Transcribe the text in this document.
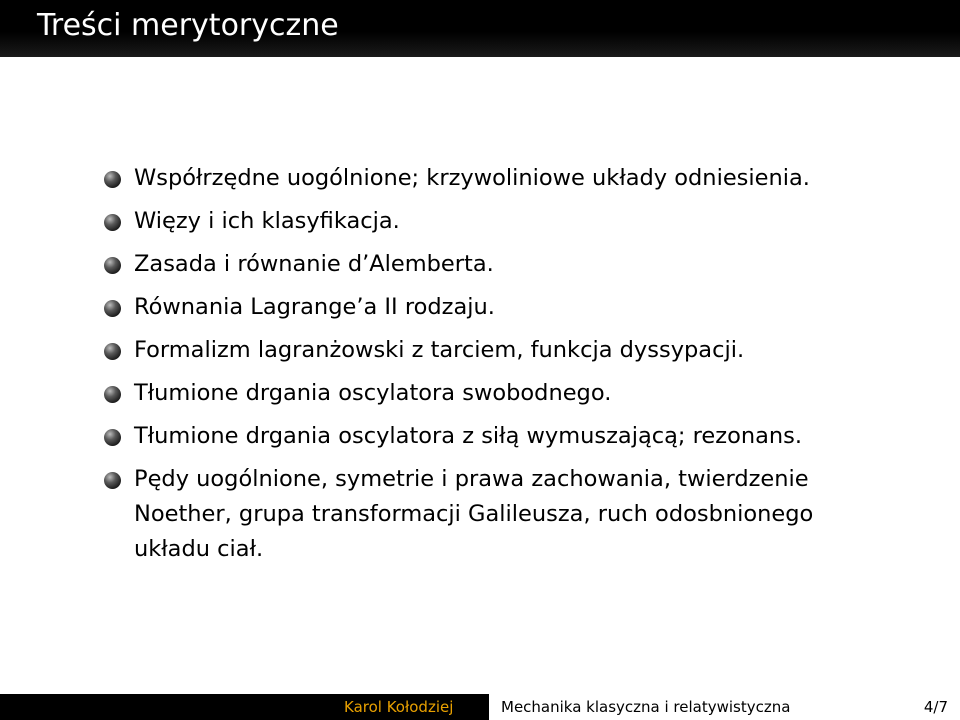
Treści merytoryczne
Współrzędne uogólnione; krzywoliniowe układy odniesienia.
Więzy i ich klasyfikacja.
Zasada i równanie d’Alemberta.
Równania Lagrange’a II rodzaju.
Formalizm lagranżowski z tarciem, funkcja dyssypacji.
Tłumione drgania oscylatora swobodnego.
Tłumione drgania oscylatora z siłą wymuszającą; rezonans.
Pędy uogólnione, symetrie i prawa zachowania, twierdzenie Noether, grupa transformacji Galileusza, ruch odosbnionego układu ciał.
Karol Kołodziej	Mechanika klasyczna i relatywistyczna	4/7
